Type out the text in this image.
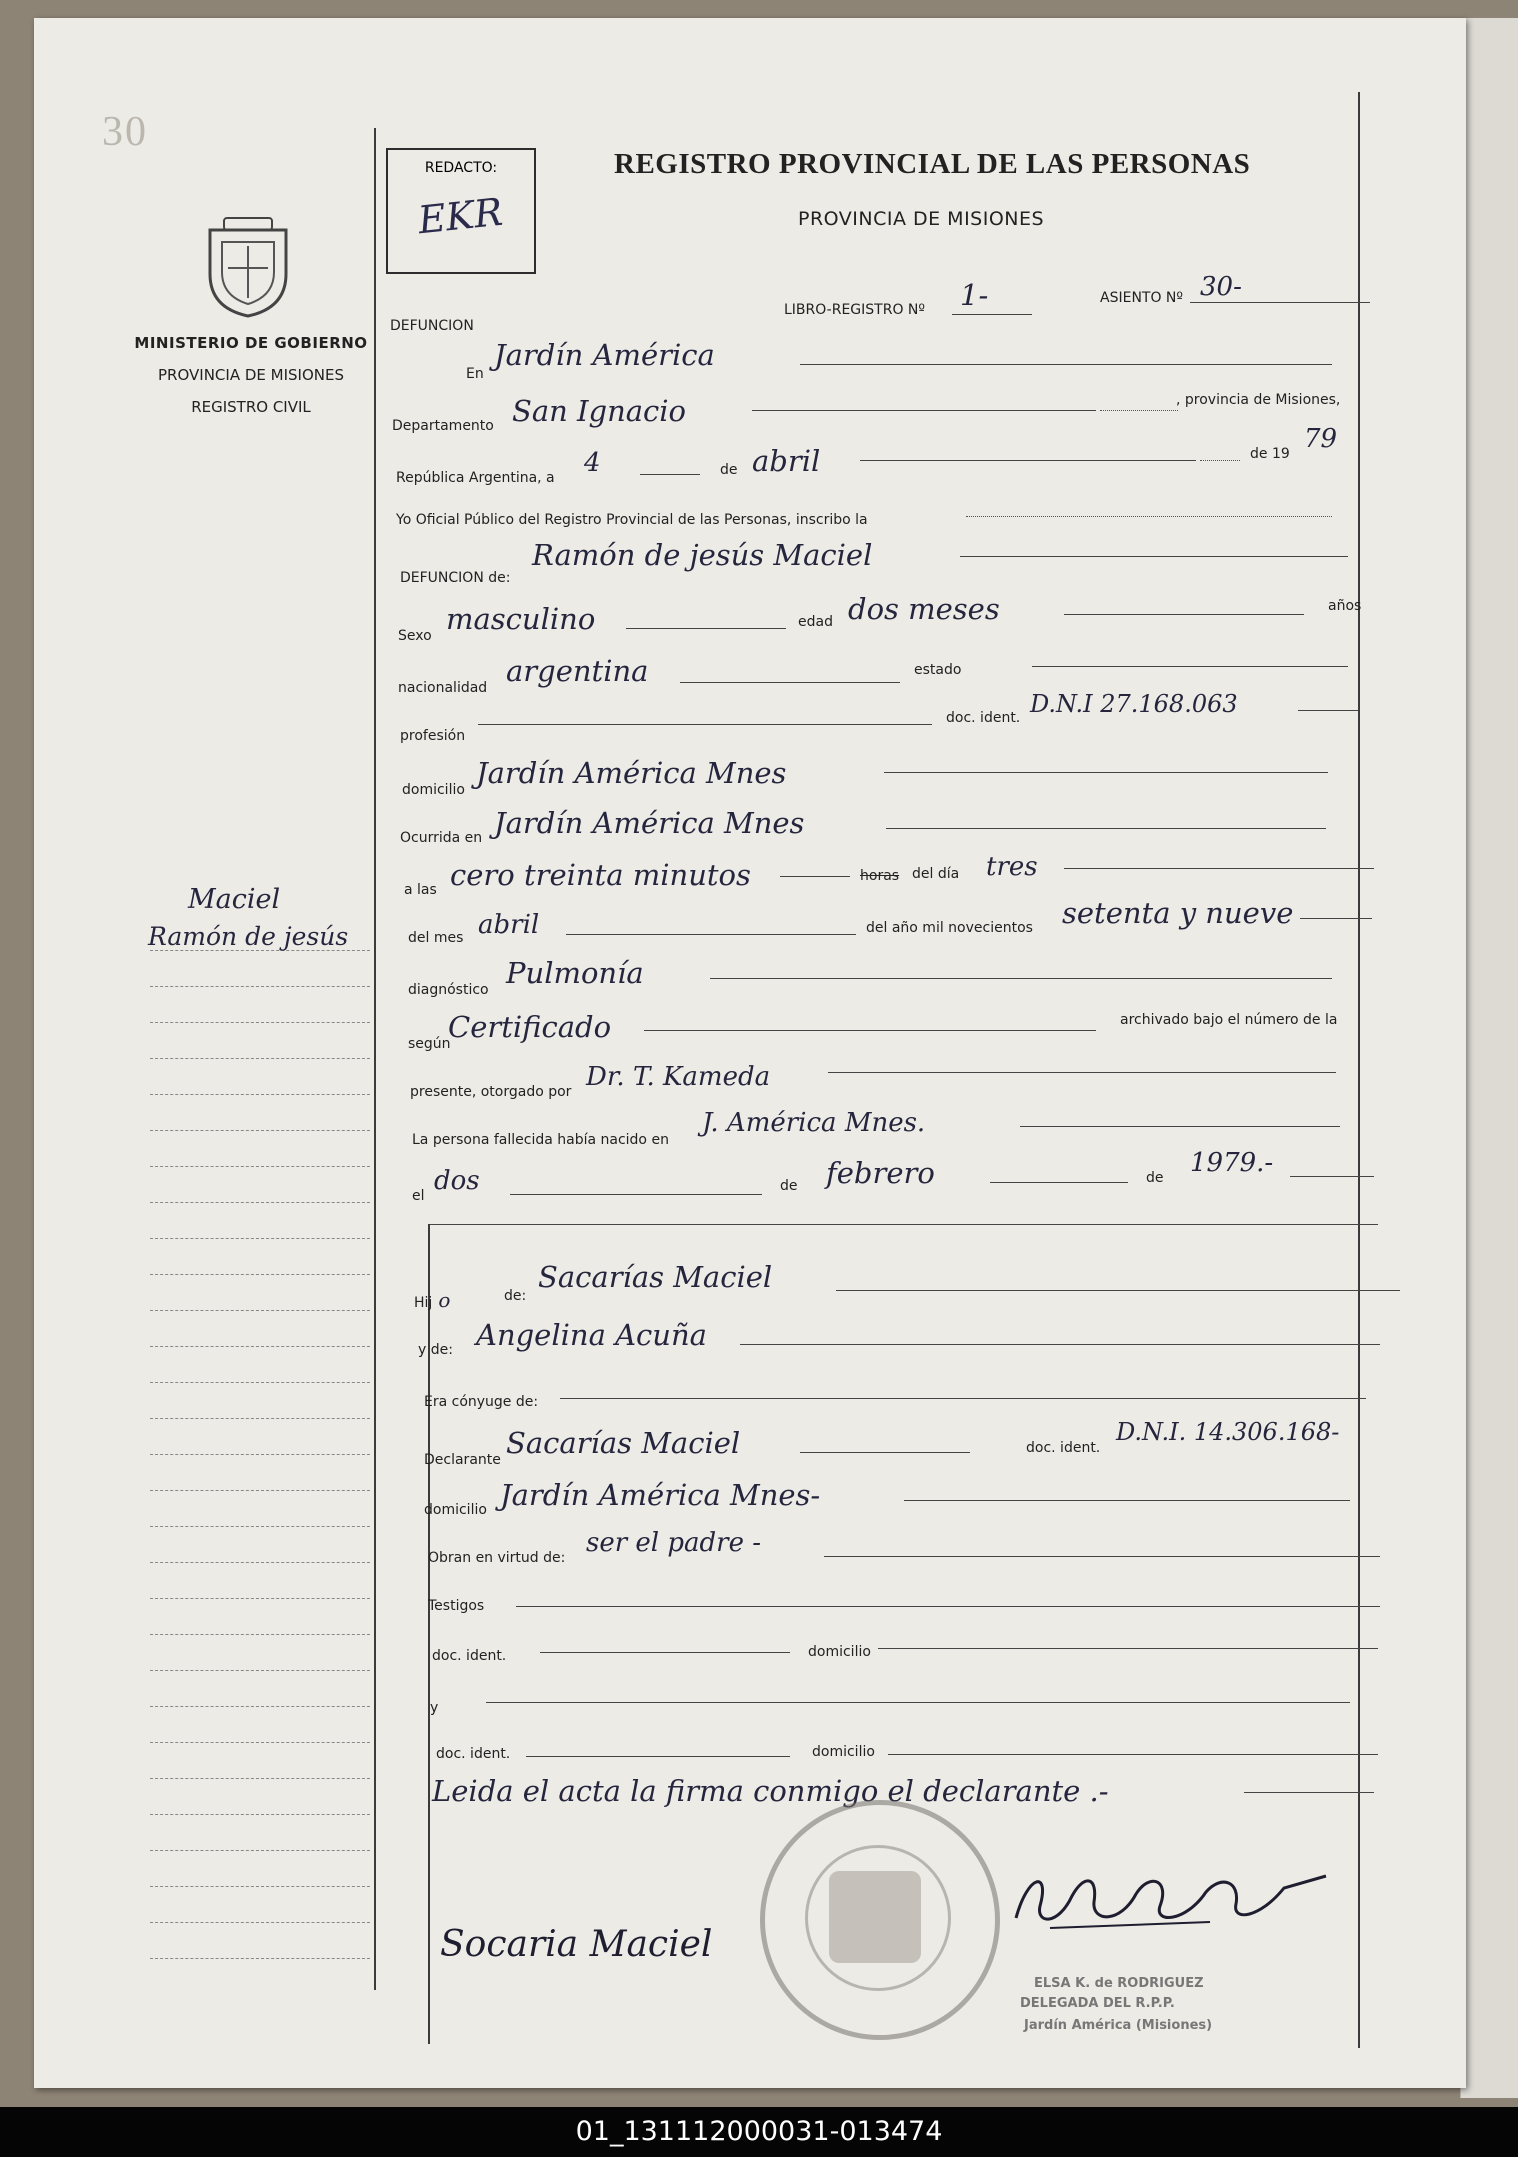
30
MINISTERIO DE GOBIERNO
PROVINCIA DE MISIONES
REGISTRO CIVIL
Maciel
Ramón de jesús
REDACTO:
EKR
REGISTRO PROVINCIAL DE LAS PERSONAS
PROVINCIA DE MISIONES
LIBRO-REGISTRO Nº 1-	ASIENTO Nº 30-
DEFUNCION
En
Jardín América
Departamento San Ignacio	, provincia de Misiones,
República Argentina, a 4	de abril	de 19 79
Yo Oficial Público del Registro Provincial de las Personas, inscribo la
DEFUNCION de:
Ramón de jesús Maciel
Sexo masculino	edad dos meses	años
nacionalidad argentina	estado
profesión
doc. ident. D.N.I 27.168.063
domicilio Jardín América Mnes
Ocurrida en Jardín América Mnes
a las cero treinta minutos	horas del día tres
del mes abril	del año mil novecientos setenta y nueve
diagnóstico Pulmonía
según
Certificado	archivado bajo el número de la
presente, otorgado por Dr. T. Kameda
La persona fallecida había nacido en
J. América Mnes.
el dos	de febrero	de 1979.-
Hij o	de:
Sacarías Maciel
y de: Angelina Acuña
Era cónyuge de:
Declarante Sacarías Maciel	doc. ident.
D.N.I. 14.306.168-
domicilio Jardín América Mnes-
Obran en virtud de: ser el padre -
Testigos
doc. ident.	domicilio
y
doc. ident.	domicilio
Leida el acta la firma conmigo el declarante .-
Socaria Maciel
ELSA K. de RODRIGUEZ
DELEGADA DEL R.P.P.
Jardín América (Misiones)
01_131112000031-013474
